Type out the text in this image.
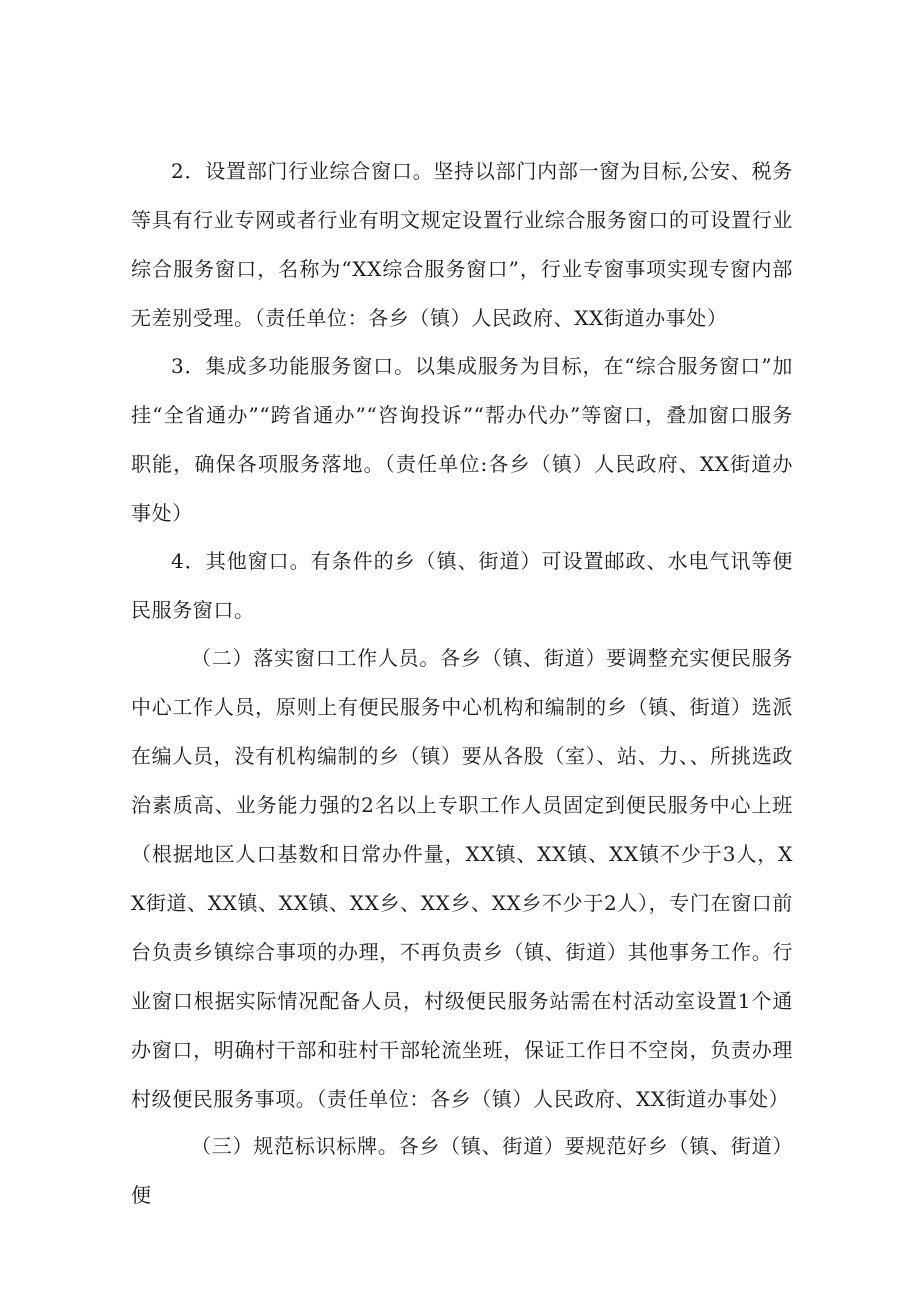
2．设置部门行业综合窗口。坚持以部门内部一窗为目标,公安、税务等具有行业专网或者行业有明文规定设置行业综合服务窗口的可设置行业综合服务窗口，名称为“XX综合服务窗口”，行业专窗事项实现专窗内部无差别受理。（责任单位：各乡（镇）人民政府、XX街道办事处）

3．集成多功能服务窗口。以集成服务为目标，在“综合服务窗口”加挂“全省通办”“跨省通办”“咨询投诉”“帮办代办”等窗口，叠加窗口服务职能，确保各项服务落地。（责任单位:各乡（镇）人民政府、XX街道办事处）

4．其他窗口。有条件的乡（镇、街道）可设置邮政、水电气讯等便民服务窗口。

（二）落实窗口工作人员。各乡（镇、街道）要调整充实便民服务中心工作人员，原则上有便民服务中心机构和编制的乡（镇、街道）选派在编人员，没有机构编制的乡（镇）要从各股（室）、站、力、、所挑选政治素质高、业务能力强的2名以上专职工作人员固定到便民服务中心上班（根据地区人口基数和日常办件量，XX镇、XX镇、XX镇不少于3人，XX街道、XX镇、XX镇、XX乡、XX乡、XX乡不少于2人），专门在窗口前台负责乡镇综合事项的办理，不再负责乡（镇、街道）其他事务工作。行业窗口根据实际情况配备人员，村级便民服务站需在村活动室设置1个通办窗口，明确村干部和驻村干部轮流坐班，保证工作日不空岗，负责办理村级便民服务事项。（责任单位：各乡（镇）人民政府、XX街道办事处）

（三）规范标识标牌。各乡（镇、街道）要规范好乡（镇、街道）便
